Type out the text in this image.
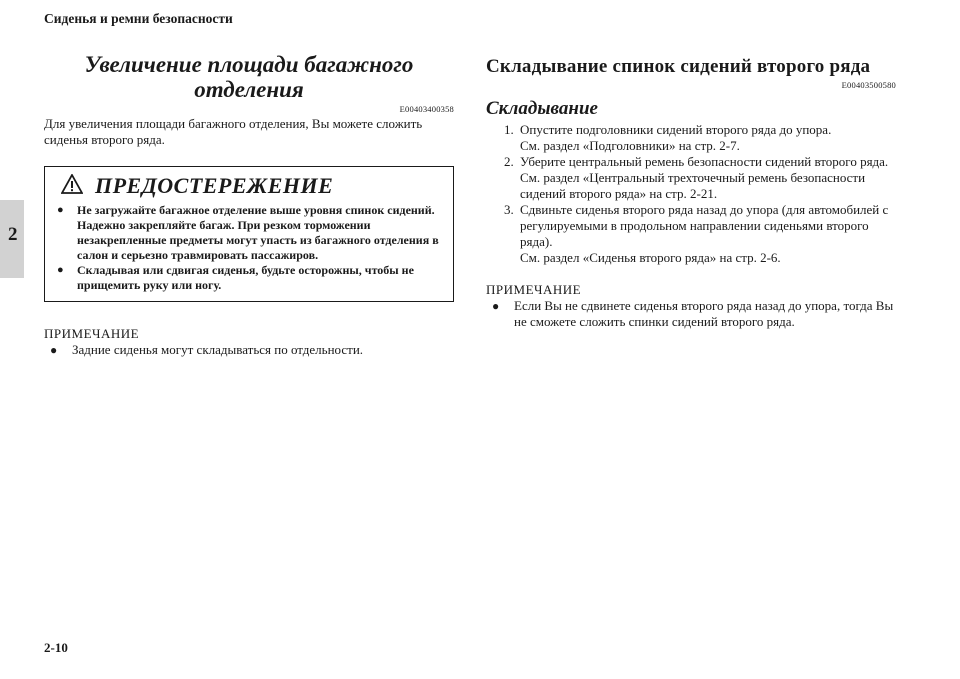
Сиденья и ремни безопасности
2
Увеличение площади багажного
отделения
E00403400358
Для увеличения площади багажного отделения, Вы можете сложить сиденья второго ряда.
ПРЕДОСТЕРЕЖЕНИЕ
●	Не загружайте багажное отделение выше уровня спинок сидений. Надежно закрепляйте багаж. При резком торможении незакрепленные предметы могут упасть из багажного отделения в салон и серьезно травмировать пассажиров.
●	Складывая или сдвигая сиденья, будьте осторожны, чтобы не прищемить руку или ногу.
ПРИМЕЧАНИЕ
●	Задние сиденья могут складываться по отдельности.
Складывание спинок сидений второго ряда
E00403500580
Складывание
1. Опустите подголовники сидений второго ряда до упора.
См. раздел «Подголовники» на стр. 2-7.
2. Уберите центральный ремень безопасности сидений второго ряда.
См. раздел «Центральный трехточечный ремень безопасности сидений второго ряда» на стр. 2-21.
3. Сдвиньте сиденья второго ряда назад до упора (для автомобилей с регулируемыми в продольном направлении сиденьями второго ряда).
См. раздел «Сиденья второго ряда» на стр. 2-6.
ПРИМЕЧАНИЕ
●	Если Вы не сдвинете сиденья второго ряда назад до упора, тогда Вы не сможете сложить спинки сидений второго ряда.
2-10
